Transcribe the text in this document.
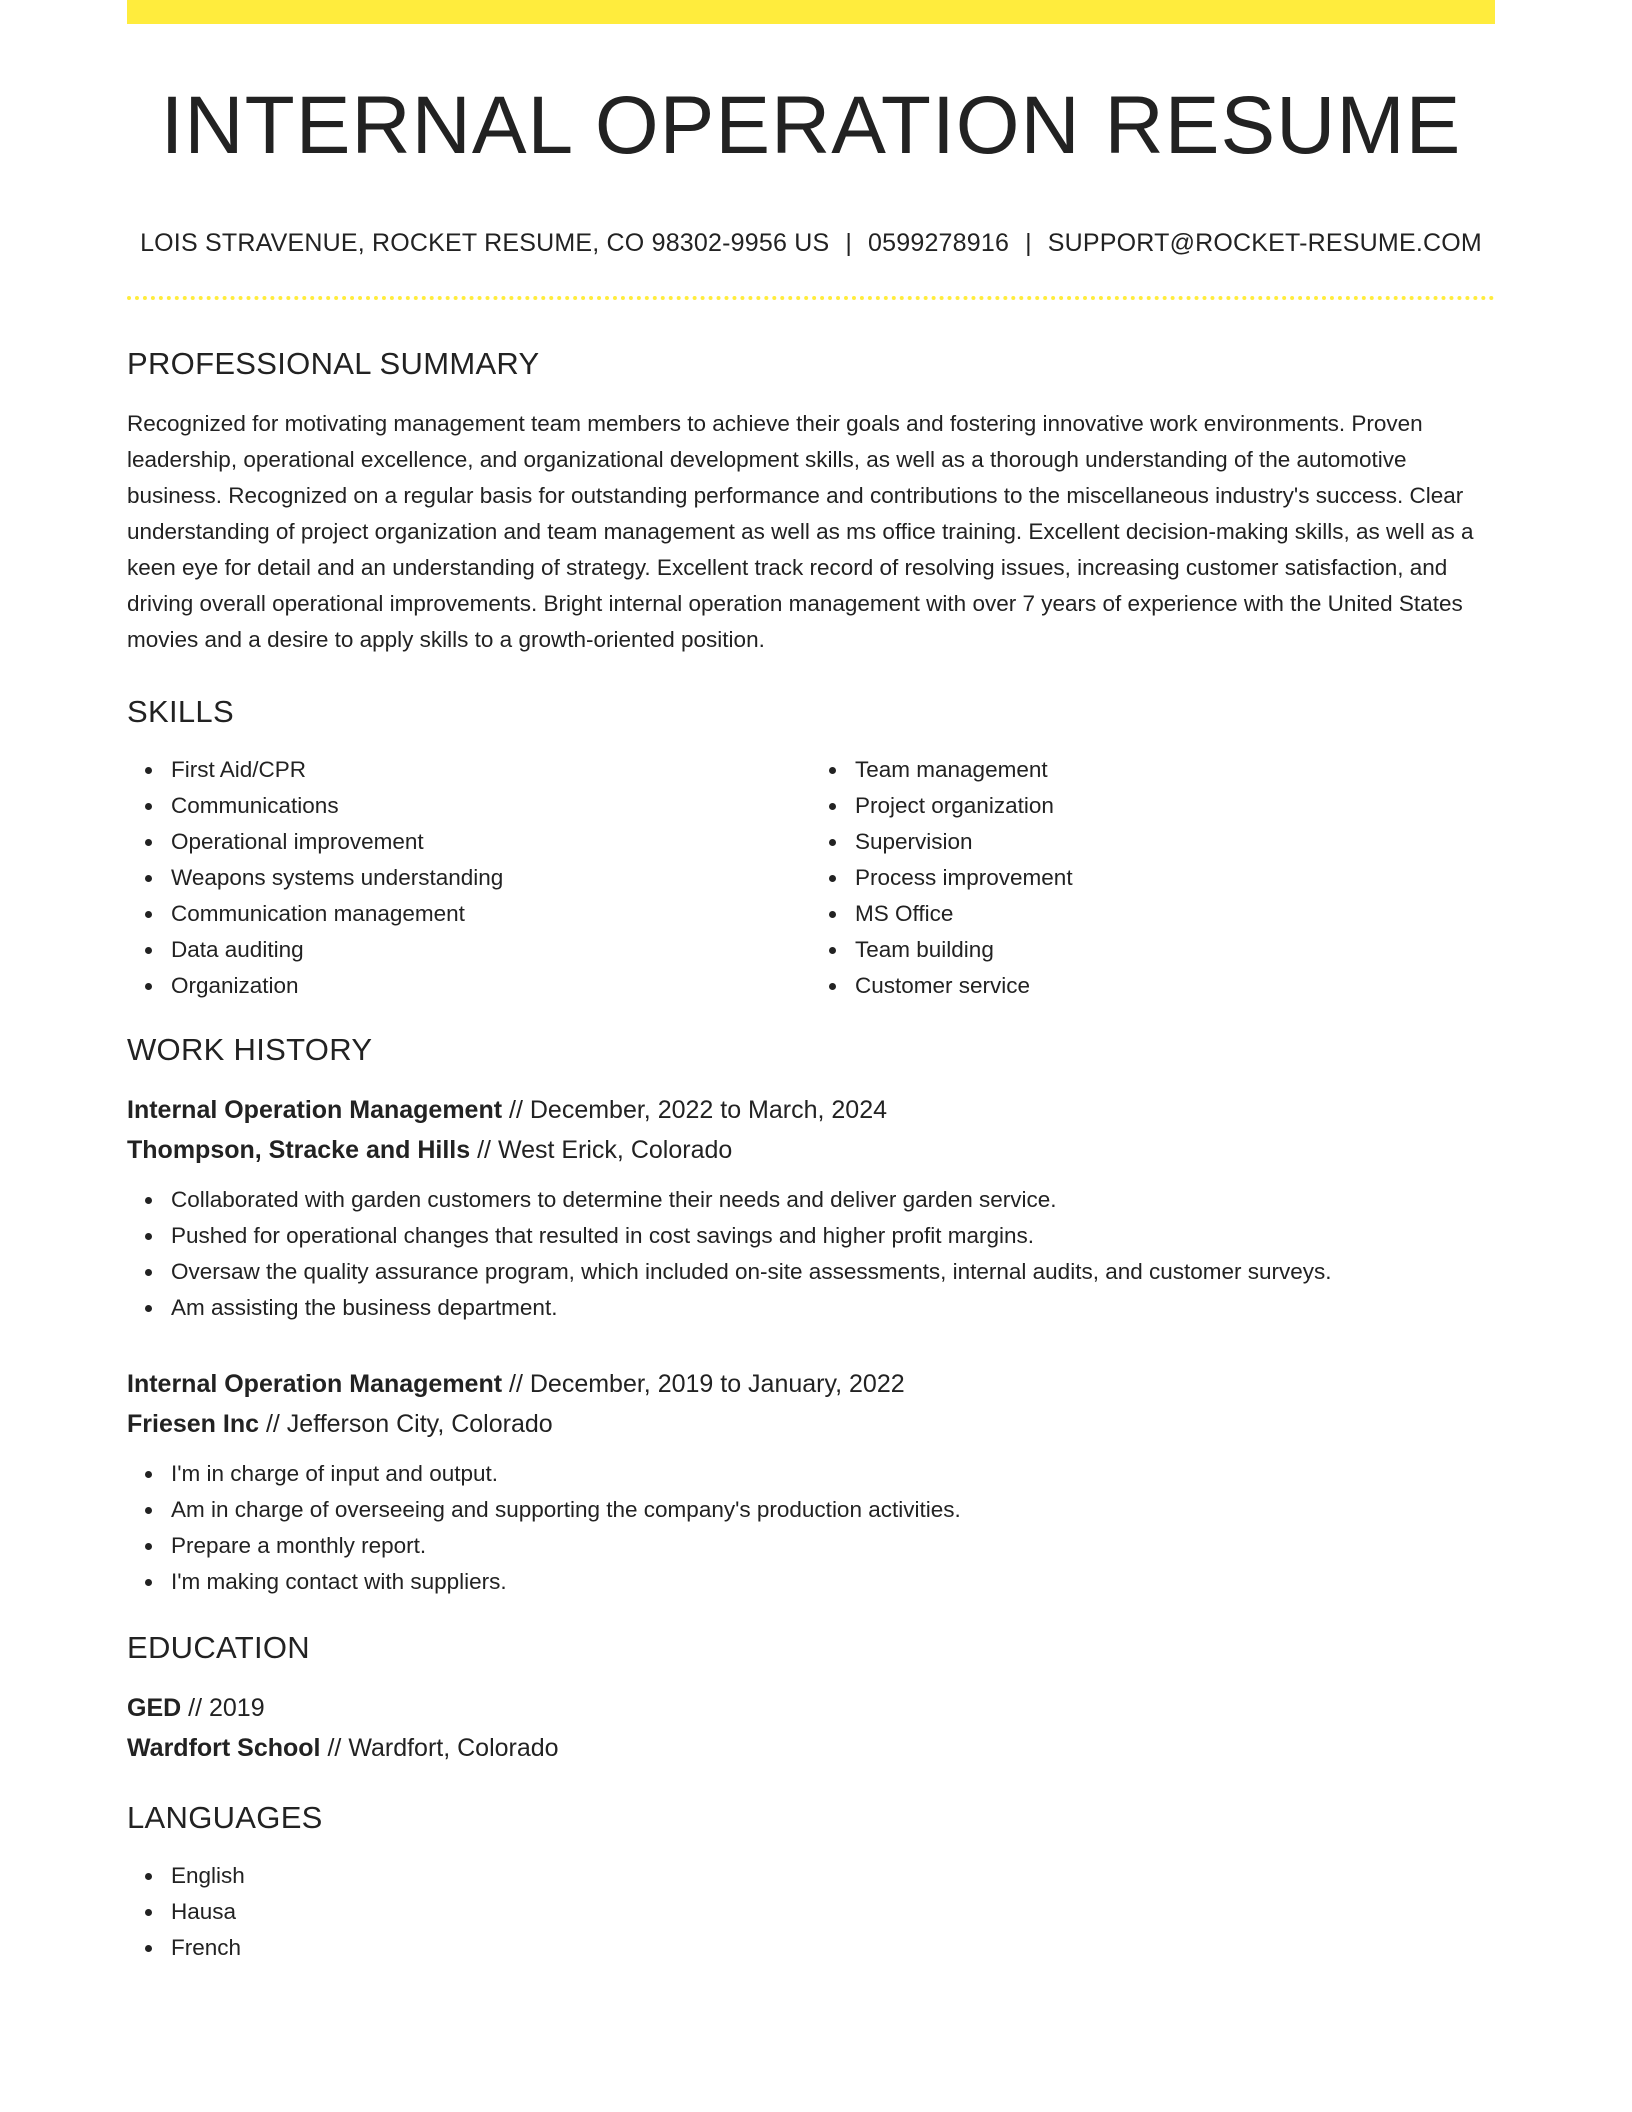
INTERNAL OPERATION RESUME
LOIS STRAVENUE, ROCKET RESUME, CO 98302-9956 US | 0599278916 | SUPPORT@ROCKET-RESUME.COM
PROFESSIONAL SUMMARY

Recognized for motivating management team members to achieve their goals and fostering innovative work environments. Proven leadership, operational excellence, and organizational development skills, as well as a thorough understanding of the automotive business. Recognized on a regular basis for outstanding performance and contributions to the miscellaneous industry's success. Clear understanding of project organization and team management as well as ms office training. Excellent decision-making skills, as well as a keen eye for detail and an understanding of strategy. Excellent track record of resolving issues, increasing customer satisfaction, and driving overall operational improvements. Bright internal operation management with over 7 years of experience with the United States movies and a desire to apply skills to a growth-oriented position.

SKILLS
First Aid/CPR
Communications
Operational improvement
Weapons systems understanding
Communication management
Data auditing
Organization
Team management
Project organization
Supervision
Process improvement
MS Office
Team building
Customer service
WORK HISTORY
Internal Operation Management // December, 2022 to March, 2024
Thompson, Stracke and Hills // West Erick, Colorado
Collaborated with garden customers to determine their needs and deliver garden service.
Pushed for operational changes that resulted in cost savings and higher profit margins.
Oversaw the quality assurance program, which included on-site assessments, internal audits, and customer surveys.
Am assisting the business department.
Internal Operation Management // December, 2019 to January, 2022
Friesen Inc // Jefferson City, Colorado
I'm in charge of input and output.
Am in charge of overseeing and supporting the company's production activities.
Prepare a monthly report.
I'm making contact with suppliers.
EDUCATION
GED // 2019
Wardfort School // Wardfort, Colorado
LANGUAGES
English
Hausa
French
